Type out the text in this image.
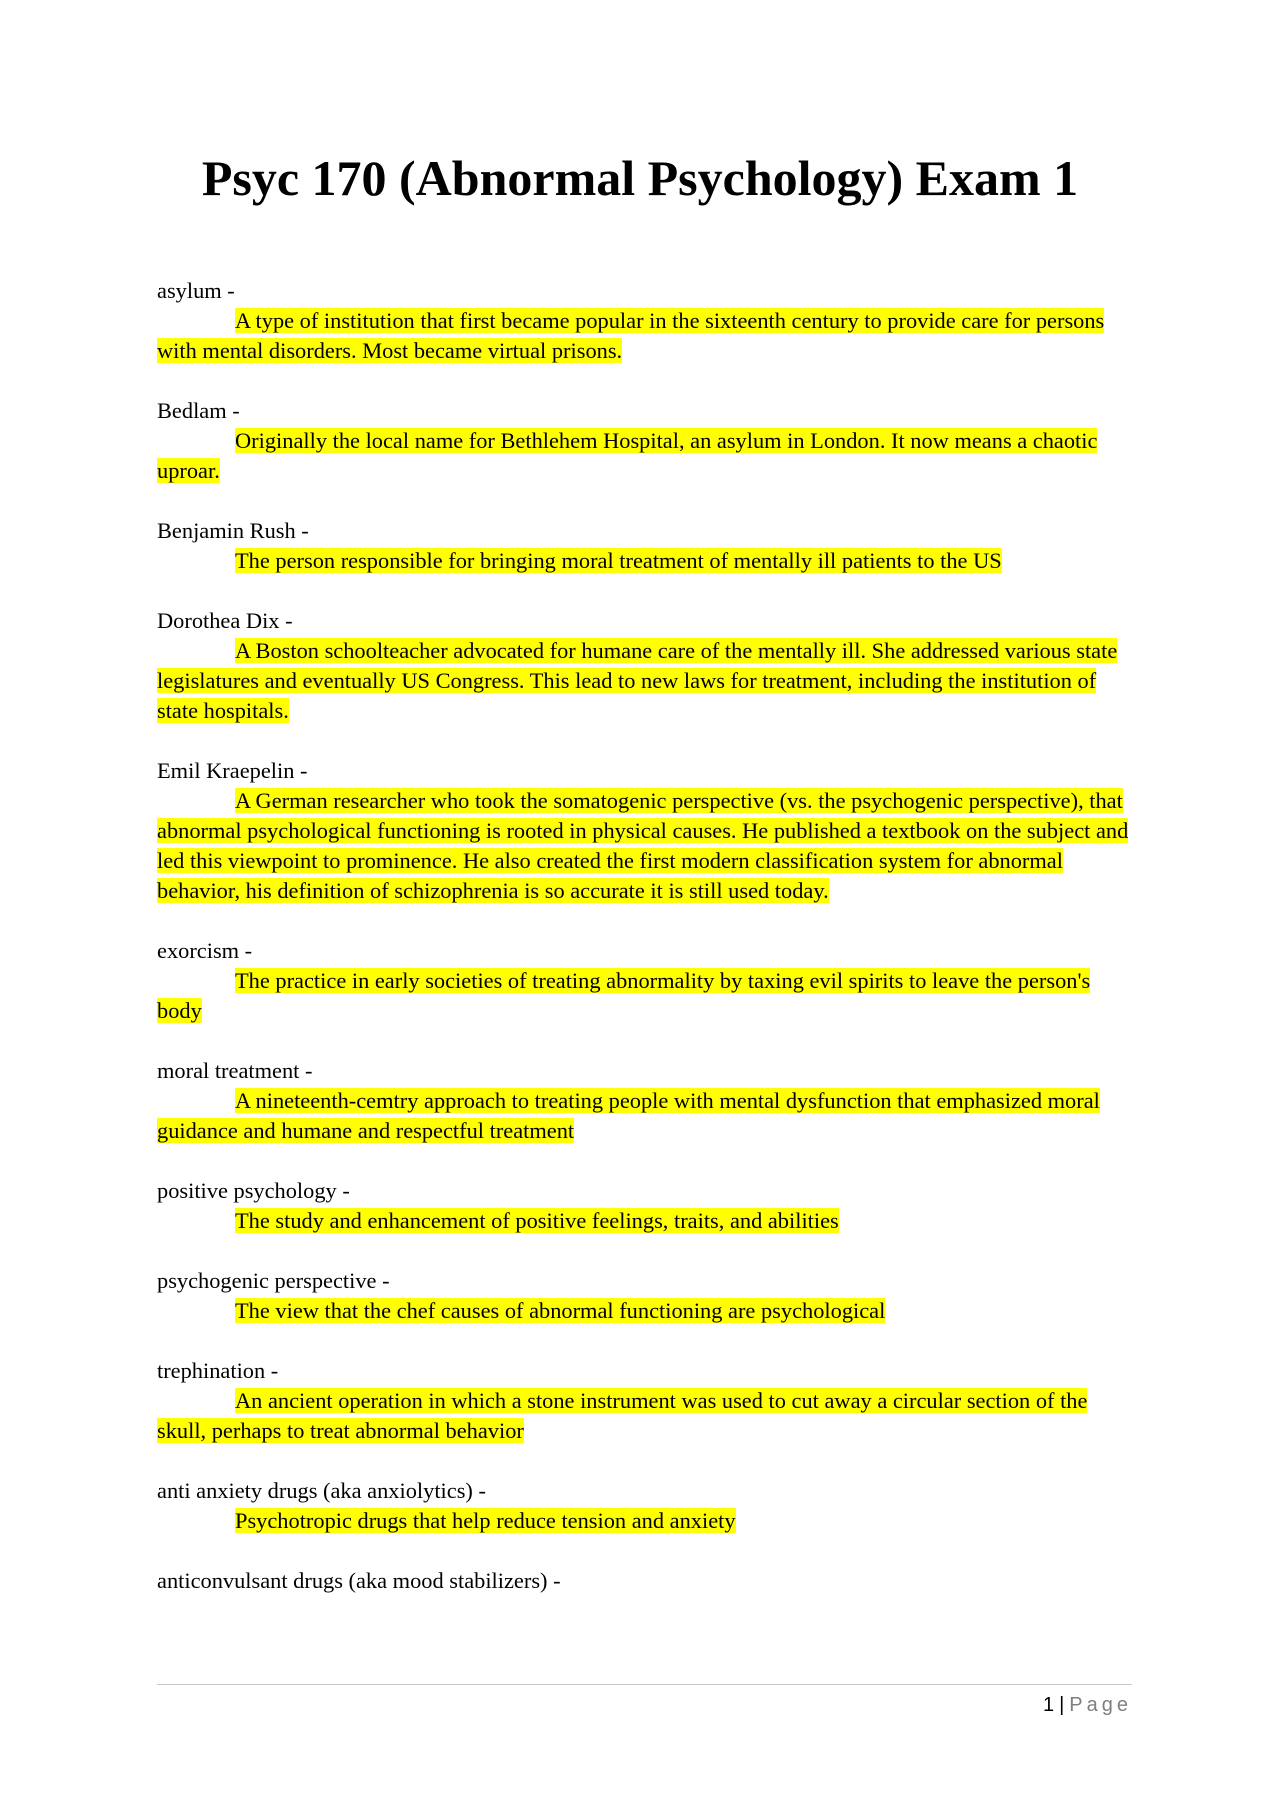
Psyc 170 (Abnormal Psychology) Exam 1

asylum -

A type of institution that first became popular in the sixteenth century to provide care for persons with mental disorders. Most became virtual prisons.

Bedlam -

Originally the local name for Bethlehem Hospital, an asylum in London. It now means a chaotic uproar.

Benjamin Rush -

The person responsible for bringing moral treatment of mentally ill patients to the US

Dorothea Dix -

A Boston schoolteacher advocated for humane care of the mentally ill. She addressed various state legislatures and eventually US Congress. This lead to new laws for treatment, including the institution of state hospitals.

Emil Kraepelin -

A German researcher who took the somatogenic perspective (vs. the psychogenic perspective), that abnormal psychological functioning is rooted in physical causes. He published a textbook on the subject and led this viewpoint to prominence. He also created the first modern classification system for abnormal behavior, his definition of schizophrenia is so accurate it is still used today.

exorcism -

The practice in early societies of treating abnormality by taxing evil spirits to leave the person's body

moral treatment -

A nineteenth-cemtry approach to treating people with mental dysfunction that emphasized moral guidance and humane and respectful treatment

positive psychology -

The study and enhancement of positive feelings, traits, and abilities

psychogenic perspective -

The view that the chef causes of abnormal functioning are psychological

trephination -

An ancient operation in which a stone instrument was used to cut away a circular section of the skull, perhaps to treat abnormal behavior

anti anxiety drugs (aka anxiolytics) -

Psychotropic drugs that help reduce tension and anxiety

anticonvulsant drugs (aka mood stabilizers) -

1 | Page
